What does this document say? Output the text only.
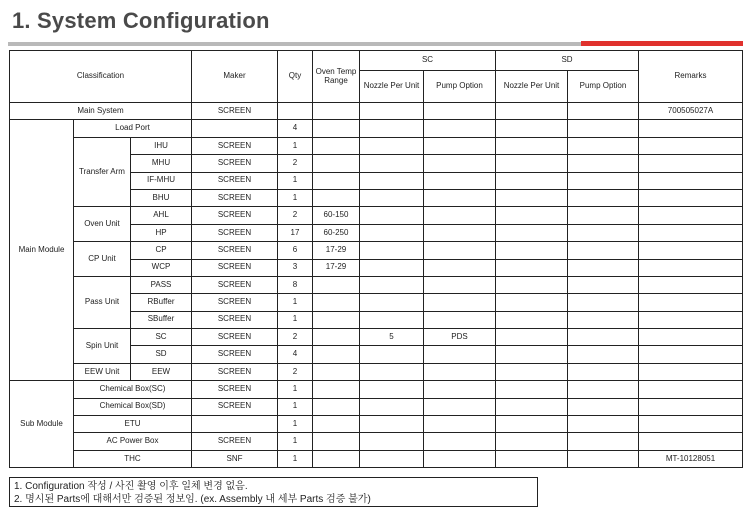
1. System Configuration
Classification			Maker	Qty	Oven Temp Range	SC		SD		Remarks
						Nozzle Per Unit	Pump Option	Nozzle Per Unit	Pump Option	
Main System			SCREEN							700505027A
Main Module	Load Port			4						
	Transfer Arm	IHU	SCREEN	1						
		MHU	SCREEN	2						
		IF-MHU	SCREEN	1						
		BHU	SCREEN	1						
	Oven Unit	AHL	SCREEN	2	60-150					
		HP	SCREEN	17	60-250					
	CP Unit	CP	SCREEN	6	17-29					
		WCP	SCREEN	3	17-29					
	Pass Unit	PASS	SCREEN	8						
		RBuffer	SCREEN	1						
		SBuffer	SCREEN	1						
	Spin Unit	SC	SCREEN	2		5	PDS			
		SD	SCREEN	4						
	EEW Unit	EEW	SCREEN	2						
Sub Module	Chemical Box(SC)		SCREEN	1						
	Chemical Box(SD)		SCREEN	1						
	ETU			1						
	AC Power Box		SCREEN	1						
	THC		SNF	1						MT-10128051
1. Configuration 작성 / 사진 촬영 이후 일체 변경 없음.
2. 명시된 Parts에 대해서만 검증된 정보임. (ex. Assembly 내 세부 Parts 검증 불가)
